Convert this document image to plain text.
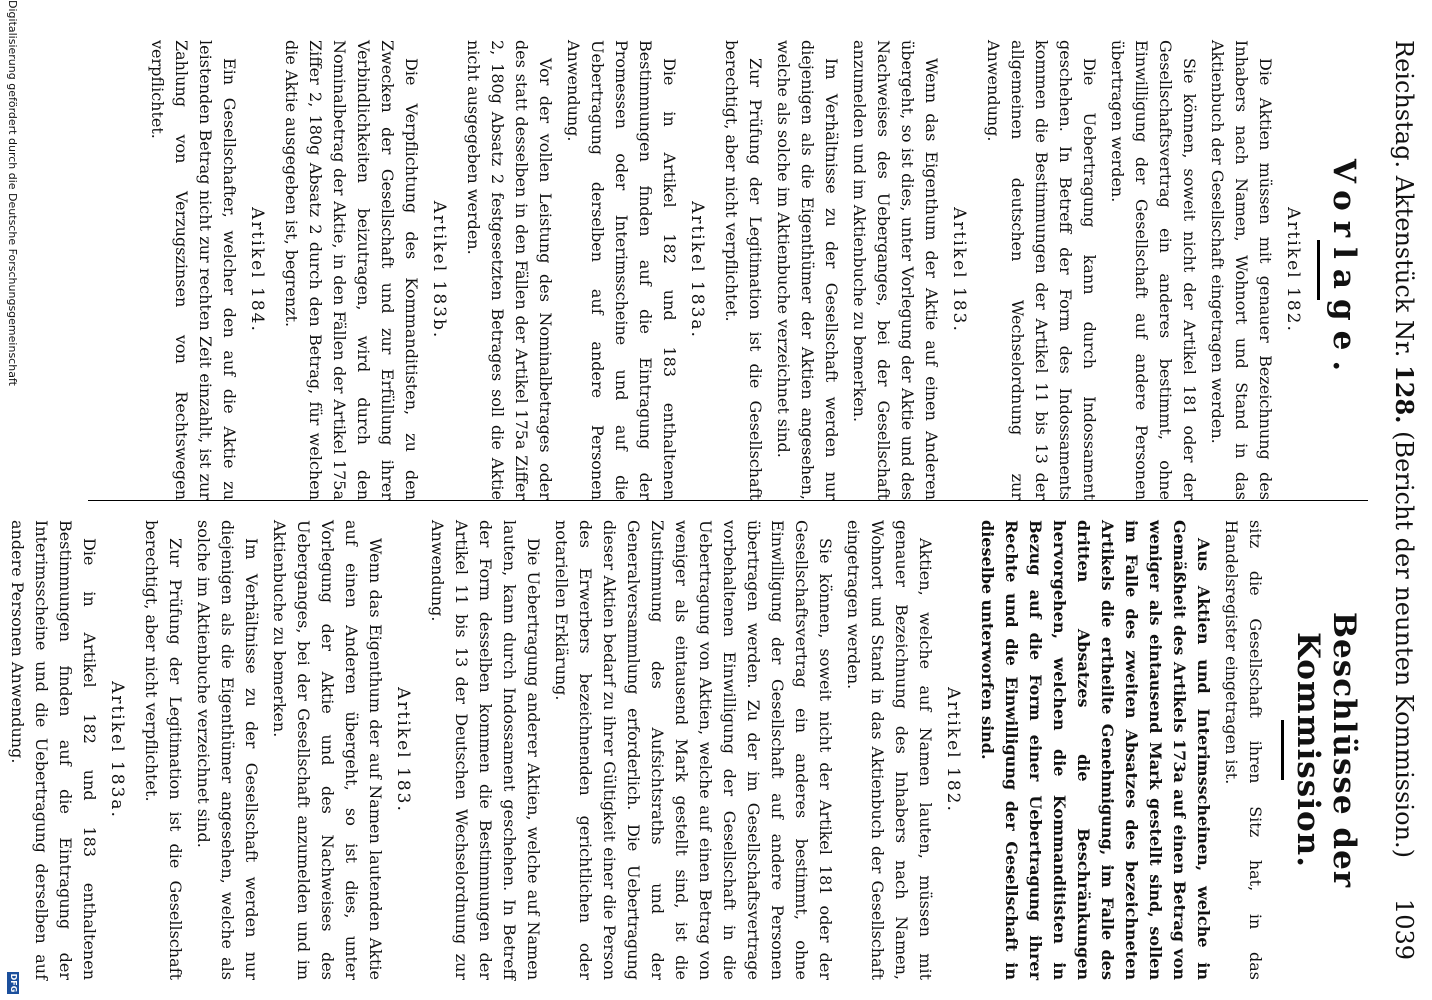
Reichstag. Aktenstück Nr. 128. (Bericht der neunten Kommission.)
1039
Vorlage.
Artikel 182.

Die Aktien müssen mit genauer Bezeichnung des Inhabers nach Namen, Wohnort und Stand in das Aktienbuch der Gesellschaft eingetragen werden.

Sie können, soweit nicht der Artikel 181 oder der Gesellschaftsvertrag ein anderes bestimmt, ohne Einwilligung der Gesellschaft auf andere Personen übertragen werden.

Die Uebertragung kann durch Indossament geschehen. In Betreff der Form des Indossaments kommen die Bestimmungen der Artikel 11 bis 13 der allgemeinen deutschen Wechselordnung zur Anwendung.

Artikel 183.

Wenn das Eigenthum der Aktie auf einen Anderen übergeht, so ist dies, unter Vorlegung der Aktie und des Nachweises des Ueberganges, bei der Gesellschaft anzumelden und im Aktienbuche zu bemerken.

Im Verhältnisse zu der Gesellschaft werden nur diejenigen als die Eigenthümer der Aktien angesehen, welche als solche im Aktienbuche verzeichnet sind.

Zur Prüfung der Legitimation ist die Gesellschaft berechtigt, aber nicht verpflichtet.

Artikel 183a.

Die in Artikel 182 und 183 enthaltenen Bestimmungen finden auf die Eintragung der Promessen oder Interimsscheine und auf die Uebertragung derselben auf andere Personen Anwendung.

Vor der vollen Leistung des Nominalbetrages oder des statt desselben in den Fällen der Artikel 175a Ziffer 2, 180g Absatz 2 festgesetzten Betrages soll die Aktie nicht ausgegeben werden.

Artikel 183b.

Die Verpflichtung des Kommanditisten, zu den Zwecken der Gesellschaft und zur Erfüllung ihrer Verbindlichkeiten beizutragen, wird durch den Nominalbetrag der Aktie, in den Fällen der Artikel 175a Ziffer 2, 180g Absatz 2 durch den Betrag, für welchen die Aktie ausgegeben ist, begrenzt.

Artikel 184.

Ein Gesellschafter, welcher den auf die Aktie zu leistenden Betrag nicht zur rechten Zeit einzahlt, ist zur Zahlung von Verzugszinsen von Rechtswegen verpflichtet.

Beschlüsse der Kommission.

sitz die Gesellschaft ihren Sitz hat, in das Handelsregister eingetragen ist.

Aus Aktien und Interimsscheinen, welche in Gemäßheit des Artikels 173a auf einen Betrag von weniger als eintausend Mark gestellt sind, sollen im Falle des zweiten Absatzes des bezeichneten Artikels die ertheilte Genehmigung, im Falle des dritten Absatzes die Beschränkungen hervorgehen, welchen die Kommanditisten in Bezug auf die Form einer Uebertragung ihrer Rechte und die Einwilligung der Gesellschaft in dieselbe unterworfen sind.

Artikel 182.

Aktien, welche auf Namen lauten, müssen mit genauer Bezeichnung des Inhabers nach Namen, Wohnort und Stand in das Aktienbuch der Gesellschaft eingetragen werden.

Sie können, soweit nicht der Artikel 181 oder der Gesellschaftsvertrag ein anderes bestimmt, ohne Einwilligung der Gesellschaft auf andere Personen übertragen werden. Zu der im Gesellschaftsvertrage vorbehaltenen Einwilligung der Gesellschaft in die Uebertragung von Aktien, welche auf einen Betrag von weniger als eintausend Mark gestellt sind, ist die Zustimmung des Aufsichtsraths und der Generalversammlung erforderlich. Die Uebertragung dieser Aktien bedarf zu ihrer Gültigkeit einer die Person des Erwerbers bezeichnenden gerichtlichen oder notariellen Erklärung.

Die Uebertragung anderer Aktien, welche auf Namen lauten, kann durch Indossament geschehen. In Betreff der Form desselben kommen die Bestimmungen der Artikel 11 bis 13 der Deutschen Wechselordnung zur Anwendung.

Artikel 183.

Wenn das Eigenthum der auf Namen lautenden Aktie auf einen Anderen übergeht, so ist dies, unter Vorlegung der Aktie und des Nachweises des Ueberganges, bei der Gesellschaft anzumelden und im Aktienbuche zu bemerken.

Im Verhältnisse zu der Gesellschaft werden nur diejenigen als die Eigenthümer angesehen, welche als solche im Aktienbuche verzeichnet sind.

Zur Prüfung der Legitimation ist die Gesellschaft berechtigt, aber nicht verpflichtet.

Artikel 183a.

Die in Artikel 182 und 183 enthaltenen Bestimmungen finden auf die Eintragung der Interimsscheine und die Uebertragung derselben auf andere Personen Anwendung.

Digitalisierung gefördert durch die Deutsche Forschungsgemeinschaft
DFG
